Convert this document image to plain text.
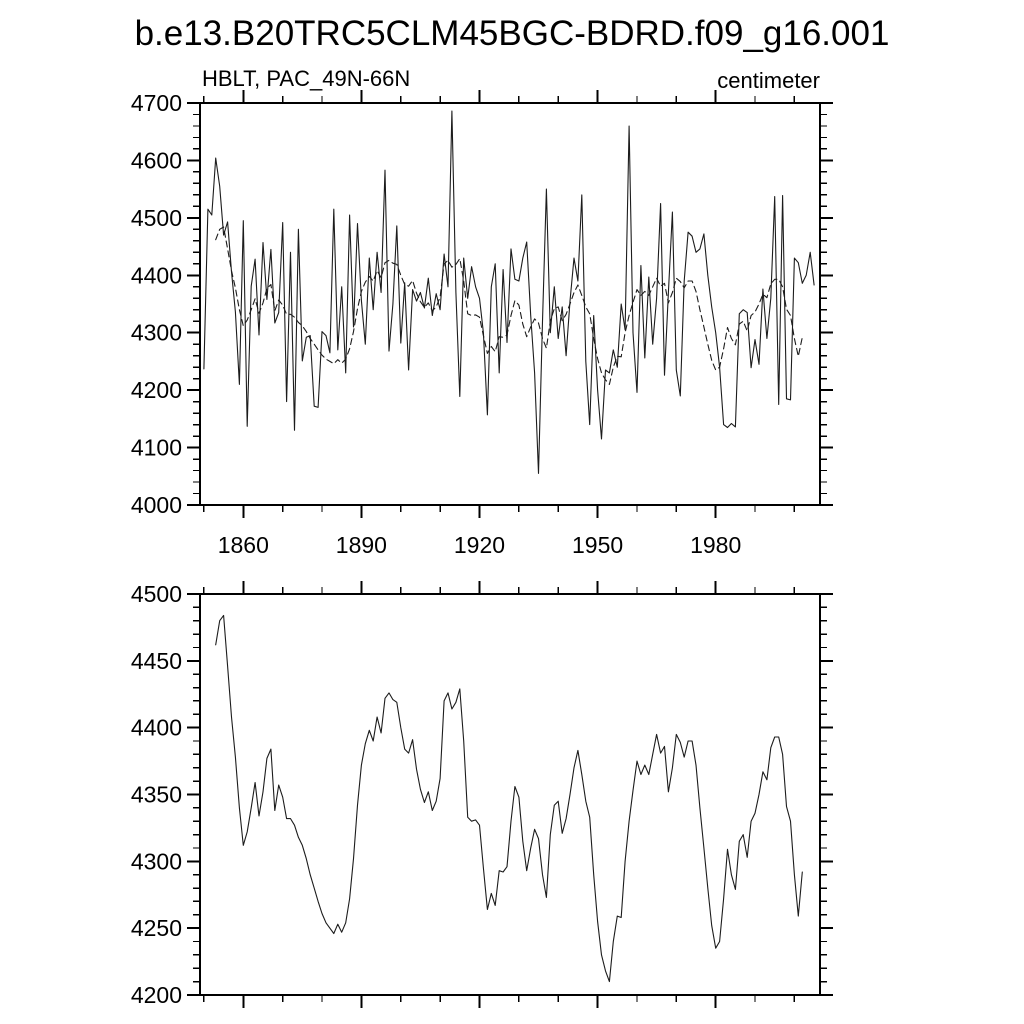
b.e13.B20TRC5CLM45BGC-BDRD.f09_g16.001
HBLT, PAC_49N-66N	centimeter
4000
4100
4200
4300
4400
4500
4600
4700
1860	1890	1920	1950	1980
4200
4250
4300
4350
4400
4450
4500
